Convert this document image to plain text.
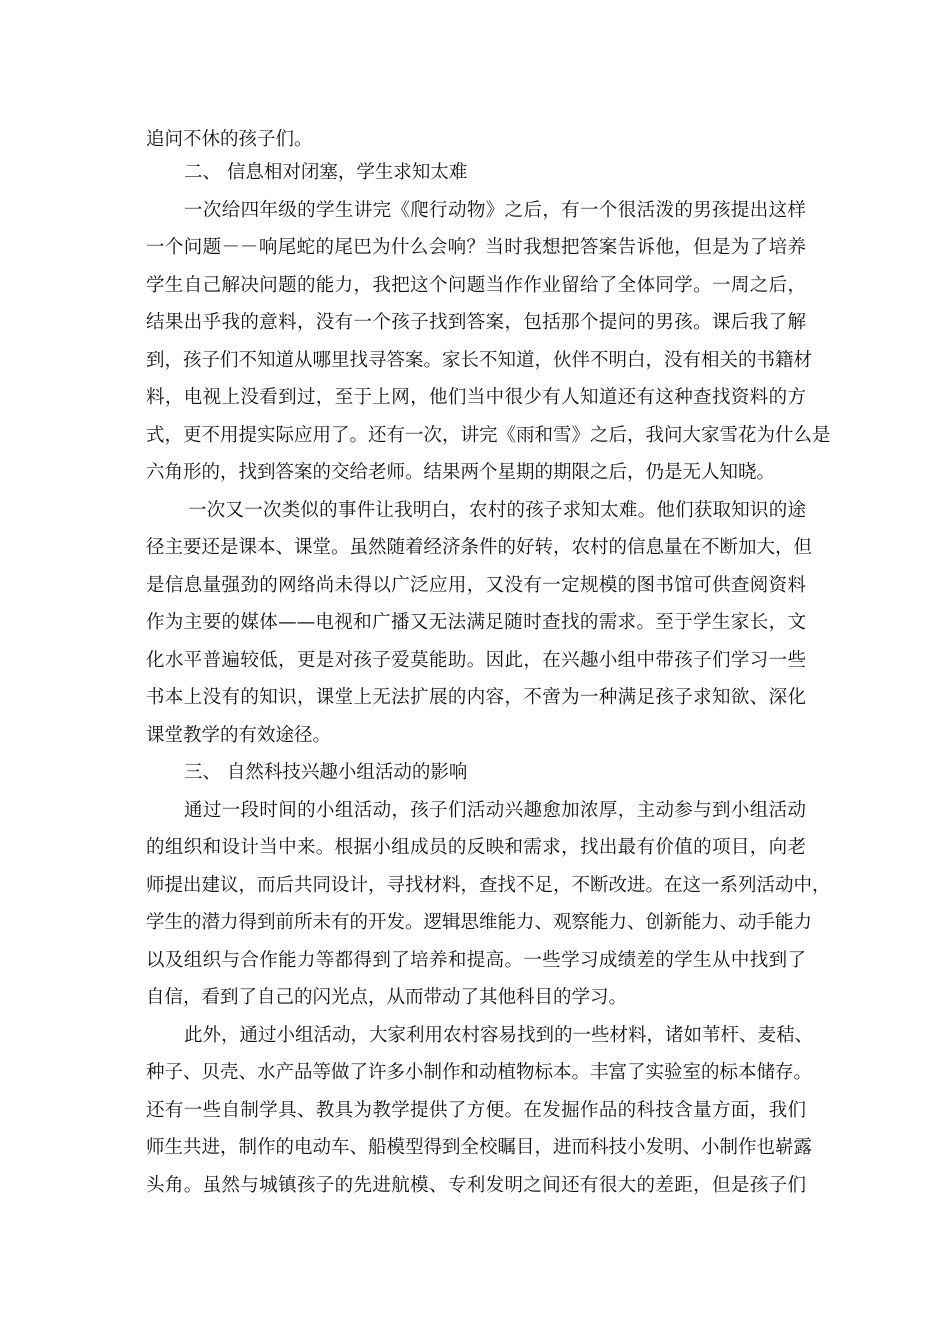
追问不休的孩子们。
二、 信息相对闭塞，学生求知太难
一次给四年级的学生讲完《爬行动物》之后，有一个很活泼的男孩提出这样
一个问题－－响尾蛇的尾巴为什么会响？当时我想把答案告诉他，但是为了培养
学生自己解决问题的能力，我把这个问题当作作业留给了全体同学。一周之后，
结果出乎我的意料，没有一个孩子找到答案，包括那个提问的男孩。课后我了解
到，孩子们不知道从哪里找寻答案。家长不知道，伙伴不明白，没有相关的书籍材
料，电视上没看到过，至于上网，他们当中很少有人知道还有这种查找资料的方
式，更不用提实际应用了。还有一次，讲完《雨和雪》之后，我问大家雪花为什么是
六角形的，找到答案的交给老师。结果两个星期的期限之后，仍是无人知晓。
一次又一次类似的事件让我明白，农村的孩子求知太难。他们获取知识的途
径主要还是课本、课堂。虽然随着经济条件的好转，农村的信息量在不断加大，但
是信息量强劲的网络尚未得以广泛应用，又没有一定规模的图书馆可供查阅资料
作为主要的媒体——电视和广播又无法满足随时查找的需求。至于学生家长，文
化水平普遍较低，更是对孩子爱莫能助。因此，在兴趣小组中带孩子们学习一些
书本上没有的知识，课堂上无法扩展的内容，不啻为一种满足孩子求知欲、深化
课堂教学的有效途径。
三、 自然科技兴趣小组活动的影响
通过一段时间的小组活动，孩子们活动兴趣愈加浓厚，主动参与到小组活动
的组织和设计当中来。根据小组成员的反映和需求，找出最有价值的项目，向老
师提出建议，而后共同设计，寻找材料，查找不足，不断改进。在这一系列活动中，
学生的潜力得到前所未有的开发。逻辑思维能力、观察能力、创新能力、动手能力
以及组织与合作能力等都得到了培养和提高。一些学习成绩差的学生从中找到了
自信，看到了自己的闪光点，从而带动了其他科目的学习。
此外，通过小组活动，大家利用农村容易找到的一些材料，诸如苇杆、麦秸、
种子、贝壳、水产品等做了许多小制作和动植物标本。丰富了实验室的标本储存。
还有一些自制学具、教具为教学提供了方便。在发掘作品的科技含量方面，我们
师生共进，制作的电动车、船模型得到全校瞩目，进而科技小发明、小制作也崭露
头角。虽然与城镇孩子的先进航模、专利发明之间还有很大的差距，但是孩子们
